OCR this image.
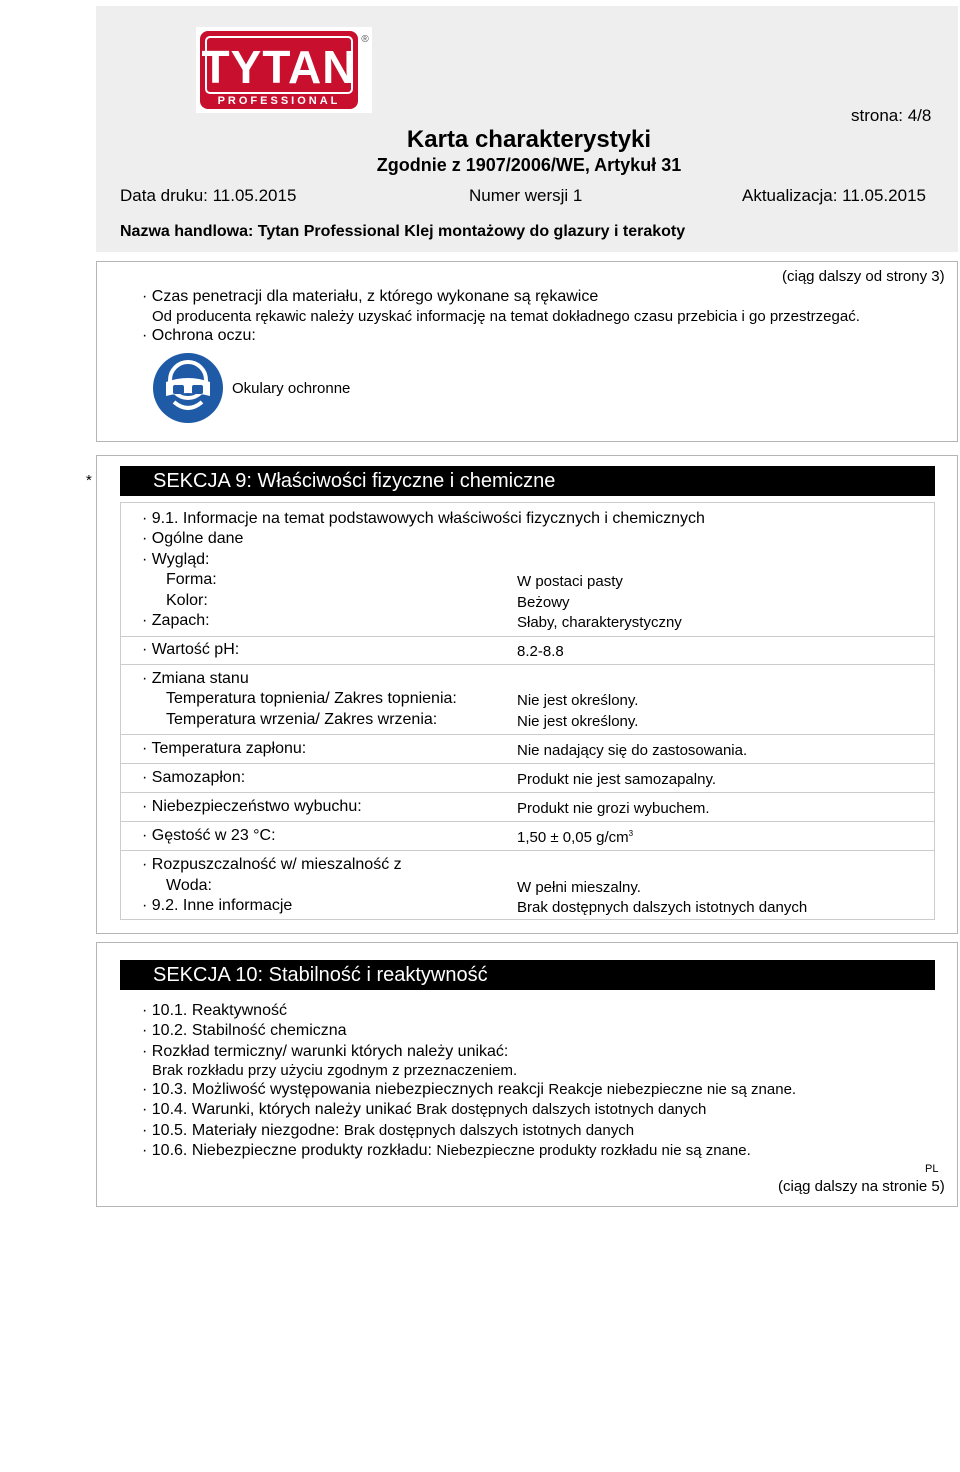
TYTAN
PROFESSIONAL
®
strona: 4/8
Karta charakterystyki
Zgodnie z 1907/2006/WE, Artykuł 31
Data druku: 11.05.2015	Numer wersji 1	Aktualizacja: 11.05.2015
Nazwa handlowa: Tytan Professional Klej montażowy do glazury i terakoty
(ciąg dalszy od strony 3)
· Czas penetracji dla materiału, z którego wykonane są rękawice
Od producenta rękawic należy uzyskać informację na temat dokładnego czasu przebicia i go przestrzegać.
· Ochrona oczu:
Okulary ochronne
*	SEKCJA 9: Właściwości fizyczne i chemiczne
· 9.1. Informacje na temat podstawowych właściwości fizycznych i chemicznych
· Ogólne dane
· Wygląd:
Forma:	W postaci pasty
Kolor:	Beżowy
· Zapach:	Słaby, charakterystyczny
· Wartość pH:	8.2-8.8
· Zmiana stanu
Temperatura topnienia/ Zakres topnienia:	Nie jest określony.
Temperatura wrzenia/ Zakres wrzenia:	Nie jest określony.
· Temperatura zapłonu:	Nie nadający się do zastosowania.
· Samozapłon:	Produkt nie jest samozapalny.
· Niebezpieczeństwo wybuchu:	Produkt nie grozi wybuchem.
· Gęstość w 23 °C:	1,50 ± 0,05 $g/cm^3$
· Rozpuszczalność w/ mieszalność z
Woda:	W pełni mieszalny.
· 9.2. Inne informacje	Brak dostępnych dalszych istotnych danych
SEKCJA 10: Stabilność i reaktywność
· 10.1. Reaktywność
· 10.2. Stabilność chemiczna
· Rozkład termiczny/ warunki których należy unikać:
Brak rozkładu przy użyciu zgodnym z przeznaczeniem.
· 10.3. Możliwość występowania niebezpiecznych reakcji Reakcje niebezpieczne nie są znane.
· 10.4. Warunki, których należy unikać Brak dostępnych dalszych istotnych danych
· 10.5. Materiały niezgodne: Brak dostępnych dalszych istotnych danych
· 10.6. Niebezpieczne produkty rozkładu: Niebezpieczne produkty rozkładu nie są znane.
PL
(ciąg dalszy na stronie 5)
